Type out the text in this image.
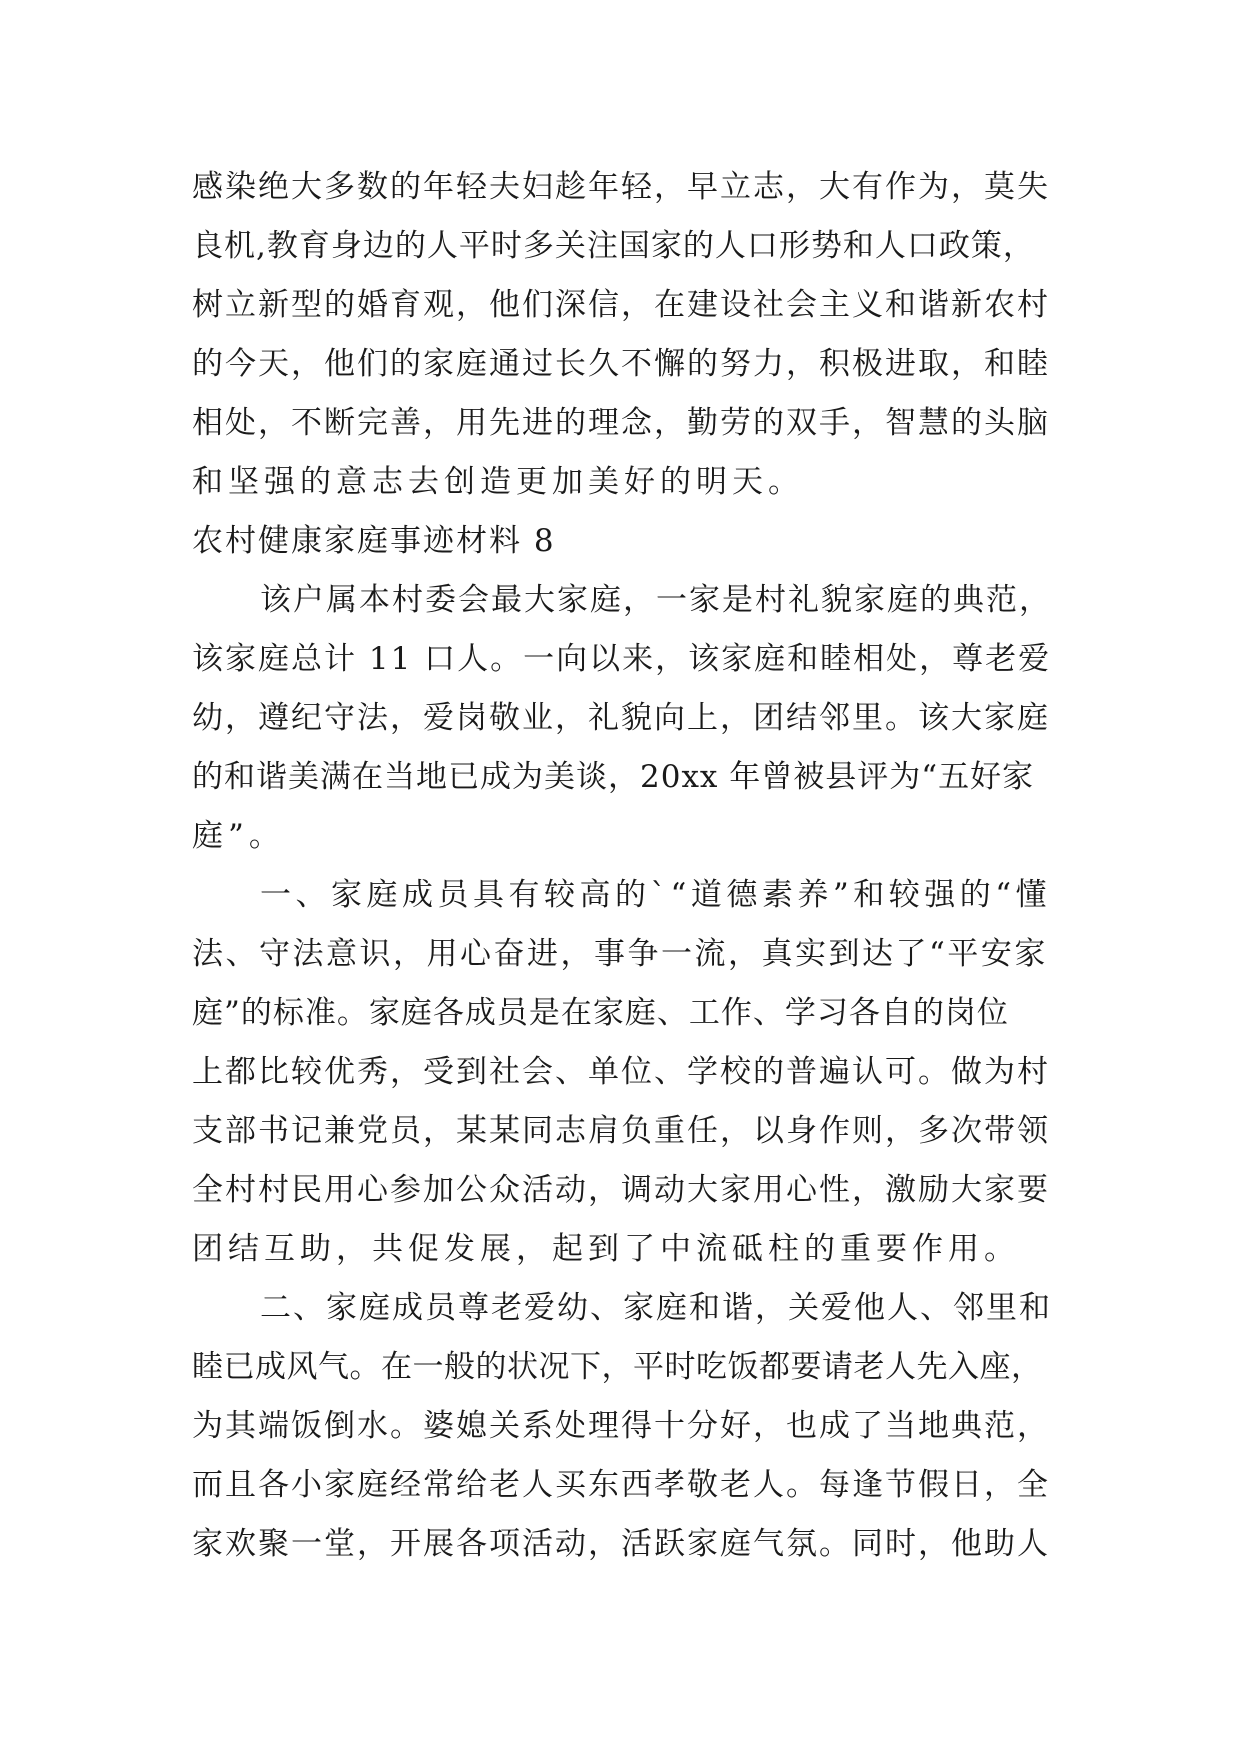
感染绝大多数的年轻夫妇趁年轻，早立志，大有作为，莫失
良机,教育身边的人平时多关注国家的人口形势和人口政策，
树立新型的婚育观，他们深信，在建设社会主义和谐新农村
的今天，他们的家庭通过长久不懈的努力，积极进取，和睦
相处，不断完善，用先进的理念，勤劳的双手，智慧的头脑
和坚强的意志去创造更加美好的明天。
农村健康家庭事迹材料 8
该户属本村委会最大家庭，一家是村礼貌家庭的典范，
该家庭总计 11 口人。一向以来，该家庭和睦相处，尊老爱
幼，遵纪守法，爱岗敬业，礼貌向上，团结邻里。该大家庭
的和谐美满在当地已成为美谈，20xx 年曾被县评为“五好家
庭”。
一、家庭成员具有较高的`“道德素养”和较强的“懂
法、守法意识，用心奋进，事争一流，真实到达了“平安家
庭”的标准。家庭各成员是在家庭、工作、学习各自的岗位
上都比较优秀，受到社会、单位、学校的普遍认可。做为村
支部书记兼党员，某某同志肩负重任，以身作则，多次带领
全村村民用心参加公众活动，调动大家用心性，激励大家要
团结互助，共促发展，起到了中流砥柱的重要作用。
二、家庭成员尊老爱幼、家庭和谐，关爱他人、邻里和
睦已成风气。在一般的状况下，平时吃饭都要请老人先入座，
为其端饭倒水。婆媳关系处理得十分好，也成了当地典范，
而且各小家庭经常给老人买东西孝敬老人。每逢节假日，全
家欢聚一堂，开展各项活动，活跃家庭气氛。同时，他助人
